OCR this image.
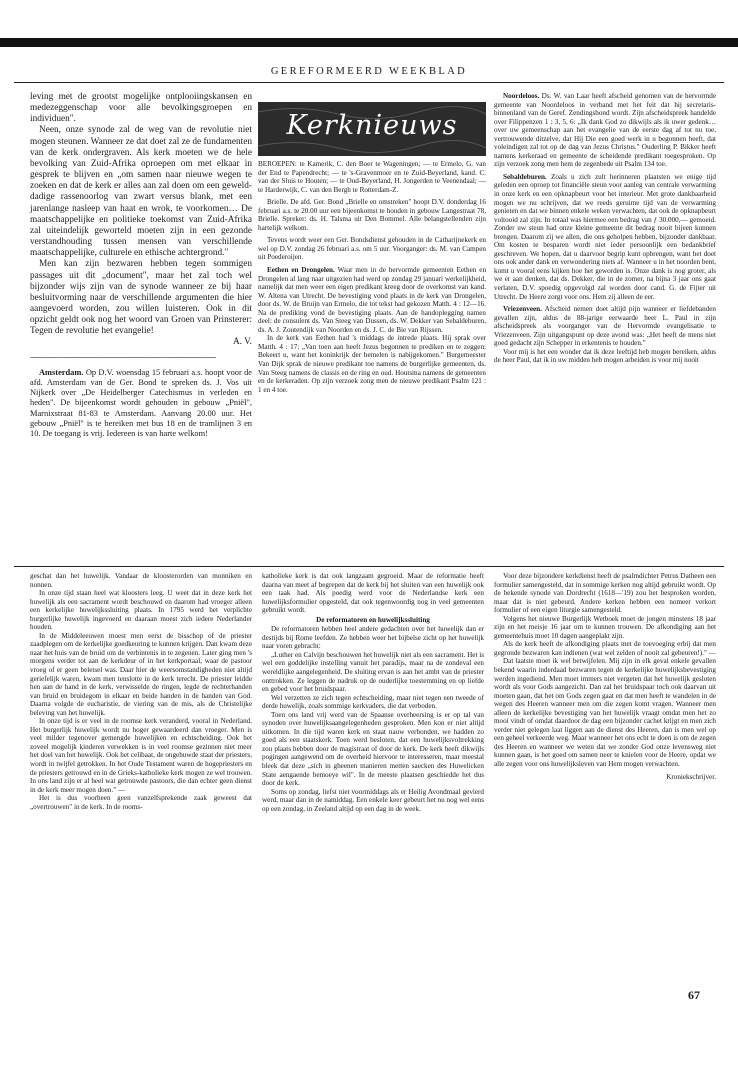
GEREFORMEERD WEEKBLAD

leving met de grootst mogelijke ontplooiingskansen en medezeggenschap voor alle bevolkingsgroepen en individuen".

Neen, onze synode zal de weg van de revolutie niet mogen steunen. Wanneer ze dat doet zal ze de fundamenten van de kerk ondergraven. Als kerk moeten we de hele bevolking van Zuid-Afrika oproepen om met elkaar in gesprek te blijven en „om samen naar nieuwe wegen te zoeken en dat de kerk er alles aan zal doen om een gewelddadige rassenoorlog van zwart versus blank, met een jarenlange nasleep van haat en wrok, te voorkomen… De maatschappelijke en politieke toekomst van Zuid-Afrika zal uiteindelijk geworteld moeten zijn in een gezonde verstandhouding tussen mensen van verschillende maatschappelijke, culturele en ethische achtergrond."

Men kan zijn bezwaren hebben tegen sommigen passages uit dit „document", maar het zal toch wel bijzonder wijs zijn van de synode wanneer ze bij haar besluitvorming naar de verschillende argumenten die hier aangevoerd worden, zou willen luisteren. Ook in dit opzicht geldt ook nog het woord van Groen van Prinsterer: Tegen de revolutie het evangelie!

A. V.

~~~~~~~~~~~~~~~~~~~~~~~~~~~~~~~~~~~~~~~~~~~~~~~~~~

Amsterdam. Op D.V. woensdag 15 februari a.s. hoopt voor de afd. Amsterdam van de Ger. Bond te spreken ds. J. Vos uit Nijkerk over „De Heidelberger Catechismus in verleden en heden". De bijeenkomst wordt gehouden in gebouw „Pniël", Marnixstraat 81-83 te Amsterdam. Aanvang 20.00 uur. Het gebouw „Pniël" is te bereiken met bus 18 en de tramlijnen 3 en 10. De toegang is vrij. Iedereen is van harte welkom!

Kerknieuws

BEROEPEN: te Kamerik, C. den Boer te Wageningen; — te Ermelo, G. van der End te Papendrecht; — te 's-Gravenmoer en te Zuid-Beyerland, kand. C. van der Sluis te Houten; — te Oud-Beyerland, H. Jongerden te Veenendaal; — te Harderwijk, C. van den Bergh te Rotterdam-Z.

Brielle. De afd. Ger. Bond „Brielle en omstreken" hoopt D.V. donderdag 16 februari a.s. te 20.00 uur een bijeenkomst te houden in gebouw Langestraat 78, Brielle. Spreker: ds. H. Talsma uit Den Bommel. Alle belangstellenden zijn hartelijk welkom.

Tevens wordt weer een Ger. Bondsdienst gehouden in de Catharijnekerk en wel op D.V. zondag 26 februari a.s. om 5 uur. Voorganger: ds. M. van Campen uit Poederoijen.

Eethen en Drongelen. Waar men in de hervormde gemeenten Eethen en Drongelen al lang naar uitgezien had werd op zondag 29 januari werkelijkheid, namelijk dat men weer een eigen predikant kreeg door de overkomst van kand. W. Altena van Utrecht. De bevestiging vond plaats in de kerk van Drongelen, door ds. W. de Bruijn van Ermelo, die tot tekst had gekozen Matth. 4 : 12—16. Na de prediking vond de bevestiging plaats. Aan de handoplegging namen deel: de consulent ds. Van Steeg van Dussen, ds. W. Dekker van Sebaldeburen, ds. A. J. Zoutendijk van Noorden en ds. J. C. de Bie van Rijssen.

In de kerk van Eethen had 's middags de intrede plaats. Hij sprak over Matth. 4 : 17: „Van toen aan heeft Jezus begonnen te prediken en te zeggen: Bekeert u, want het koninkrijk der hemelen is nabijgekomen." Burgemeester Van Dijk sprak de nieuwe predikant toe namens de burgerlijke gemeenten, ds. Van Steeg namens de classis en de ring en oud. Houtsma namens de gemeenten en de kerkeraden. Op zijn verzoek zong men de nieuwe predikant Psalm 121 : 1 en 4 toe.

Noordeloos. Ds. W. van Laar heeft afscheid genomen van de hervormde gemeente van Noordeloos in verband met het feit dat hij secretaris-binnenland van de Geref. Zendingsbond wordt. Zijn afscheidspreek handelde over Filippenzen 1 : 3, 5, 6: „Ik dank God zo dikwijls als ik uwer gedenk… over uw gemeenschap aan het evangelie van de eerste dag af tot nu toe, vertrouwende ditzelve, dat Hij Die een goed werk in u begonnen heeft, dat voleindigen zal tot op de dag van Jezus Christus." Ouderling P. Bikker heeft namens kerkeraad en gemeente de scheidende predikant toegesproken. Op zijn verzoek zong men hem de zegenbede uit Psalm 134 toe.

Sebaldeburen. Zoals u zich zult herinneren plaatsten we enige tijd geleden een oproep tot financiële steun voor aanleg van centrale verwarming in onze kerk en een opknapbeurt voor het interieur. Met grote dankbaarheid mogen we nu schrijven, dat we reeds geruime tijd van de verwarming genieten en dat we binnen enkele weken verwachten, dat ook de opknapbeurt voltooid zal zijn. In totaal was hiermee een bedrag van ƒ 30.000,— gemoeid. Zonder uw steun had onze kleine gemeente dit bedrag nooit bijeen kunnen brengen. Daarom zij we allen, die ons geholpen hebben, bijzonder dankbaar. Om kosten te besparen wordt niet ieder persoonlijk een bedankbrief geschreven. We hopen, dat u daarvoor begrip kunt opbrengen, want het doet ons ook ander dank en verwondering niets af. Wanneer u in het noorden bent, komt u vooral eens kijken hoe het geworden is. Onze dank is nog groter, als we er aan denken, dat ds. Dekker, die in de zomer, na bijna 3 jaar ons gaat verlaten, D.V. spoedig opgevolgd zal worden door cand. G. de Fijter uit Utrecht. De Heere zorgt voor ons. Hem zij alleen de eer.

Vriezenveen. Afscheid nemen doet altijd pijn wanneer er liefdebanden gevallen zijn, aldus de 88-jarige eerwaarde heer L. Paul in zijn afscheidspreek als voorganger van de Hervormde evangelisatie te Vriezenveen. Zijn uitgangspunt op deze avond was: „Het heeft de mens niet goed gedacht zijn Schepper in erkentenis te houden."

Voor mij is het een wonder dat ik deze leeftijd heb mogen bereiken, aldus de heer Paul, dat ik in uw midden heb mogen arbeiden is voor mij nooit

geschat dan het huwelijk. Vandaar de kloosterorden van monniken en nonnen.

In onze tijd staan heel wat kloosters leeg. U weet dat in deze kerk het huwelijk als een sacrament wordt beschouwd en daarom had vroeger alleen een kerkelijke huwelijkssluiting plaats. In 1795 werd het verplichte burgerlijke huwelijk ingevoerd en daaraan moest zich iedere Nederlander houden.

In de Middeleeuwen moest men eerst de bisschop of de priester zaadplegen om de kerkelijke goedkeuring te kunnen krijgen. Dan kwam deze naar het huis van de bruid om de verbintenis in te zegenen. Later ging men 's morgens verder tot aan de kerkdeur of in het kerkportaal, waar de pastoor vroeg of er geen beletsel was. Daar hier de weersomstandigheden niet altijd geriefelijk waren, kwam men tenslotte in de kerk terecht. De priester leidde hen aan de hand in de kerk, verwisselde de ringen, legde de rechterhanden van bruid en bruidegom in elkaar en beide handen in de handen van God. Daarna volgde de eucharistie, de viering van de mis, als de Christelijke beleving van het huwelijk.

In onze tijd is er veel in de roomse kerk veranderd, vooral in Nederland. Het burgerlijk huwelijk wordt nu hoger gewaardeerd dan vroeger. Men is veel milder tegenover gemengde huwelijken en echtscheiding. Ook het zoveel mogelijk kinderen verwekken is in veel roomse gezinnen niet meer het doel van het huwelijk. Ook het celibaat, de ongehuwde staat der priesters, wordt in twijfel getrokken. In het Oude Testament waren de hogepriesters en de priesters getrouwd en in de Grieks-katholieke kerk mogen ze wel trouwen. In ons land zijn er al heel wat getrouwde pastoors, die dan echter geen dienst in de kerk meer mogen doen." —

Het is dus voorheen geen vanzelfsprekende zaak geweest dat „overtrouwen" in de kerk. In de rooms-

katholieke kerk is dat ook langzaam gegroeid. Maar de reformatie heeft daarna van meet af begrepen dat de kerk bij het sluiten van een huwelijk ook een taak had. Als poedig werd voor de Nederlandse kerk een huwelijksformulier opgesteld, dat ook tegenwoordig nog in veel gemeenten gebruikt wordt.

De reformatoren en huwelijkssluiting

De reformatoren hebben heel andere gedachten over het huwelijk dan er destijds bij Rome leefden. Ze hebben weer het bijbelse zicht op het huwelijk naar voren gebracht:

„Luther en Calvijn beschouwen het huwelijk niet als een sacrament. Het is wel een goddelijke instelling vanuit het paradijs, maar na de zondeval een wereldlijke aangelegenheid. De sluiting ervan is aan het ambt van de priester onttrokken. Ze leggen de nadruk op de ouderlijke toestemming en op liefde en gebed voor het bruidspaar.

Wel verzetten ze zich tegen echtscheiding, maar niet tegen een tweede of derde huwelijk, zoals sommige kerkvaders, die dat verboden.

Toen ons land vrij werd van de Spaanse overheersing is er op tal van synoden over huwelijksaangelegenheden gesproken. Men kon er niet altijd uitkomen. In die tijd waren kerk en staat nauw verbonden, we hadden zo goed als een staatskerk. Toen werd besloten, dat een huwelijksvoltrekking zou plaats hebben door de magistraat of door de kerk. De kerk heeft dikwijls pogingen aangewend om de overheid hiervoor te interesseren, maar meestal bleek dat deze „sich in gheenen manieren metten saecken des Huwelicken State aengaende bemoeye wil". In de meeste plaatsen geschiedde het dus door de kerk.

Soms op zondag, liefst niet voormiddags als er Heilig Avondmaal gevierd werd, maar dan in de namiddag. Een enkele keer gebeurt het nu nog wel eens op een zondag, in Zeeland altijd op een dag in de week.

Voor deze bijzondere kerkdienst heeft de psalmdichter Petrus Datheen een formulier samengesteld, dat in sommige kerken nog altijd gebruikt wordt. Op de bekende synode van Dordrecht (1618—'19) zou het besproken worden, maar dat is niet gebeurd. Andere kerken hebben een nomeer verkort formulier of een eigen liturgie samengesteld.

Volgens het nieuwe Burgerlijk Wetboek moet de jongen minstens 18 jaar zijn en het meisje 16 jaar om te kunnen trouwen. De afkondiging aan het gemeentehuis moet 10 dagen aangeplakt zijn.

Als de kerk heeft de afkondiging plaats met de toevoeging erbij dat men gegronde bezwaren kan indienen (wat wel zelden of nooit zal gebeuren!)." —

Dat laatste moet ik wel betwijfelen. Mij zijn in elk geval enkele gevallen bekend waarin inderdaad bezwaren tegen de kerkelijke huwelijksbevestiging werden ingediend. Men moet immers niet vergeten dat het huwelijk gesloten wordt als voor Gods aangezicht. Dan zal het bruidspaar toch ook daarvan uit moeten gaan, dat het om Gods zegen gaat en dat men heeft te wandelen in de wegen des Heeren wanneer men om die zegen komt vragen. Wanneer men alleen de kerkelijke bevestiging van het huwelijk vraagt omdat men het zo mooi vindt of omdat daardoor de dag een bijzonder cachet krijgt en men zich verder niet gelegen laat liggen aan de dienst des Heeren, dan is men wel op een geheel verkeerde weg. Maar wanneer het ons echt te doen is om de zegen des Heeren en wanneer we weten dat we zonder God onze levensweg niet kunnen gaan, is het goed om samen neer te knielen voor de Heere, opdat we alle zegen voor ons huwelijksleven van Hem mogen verwachten.

Kroniekschrijver.

67
